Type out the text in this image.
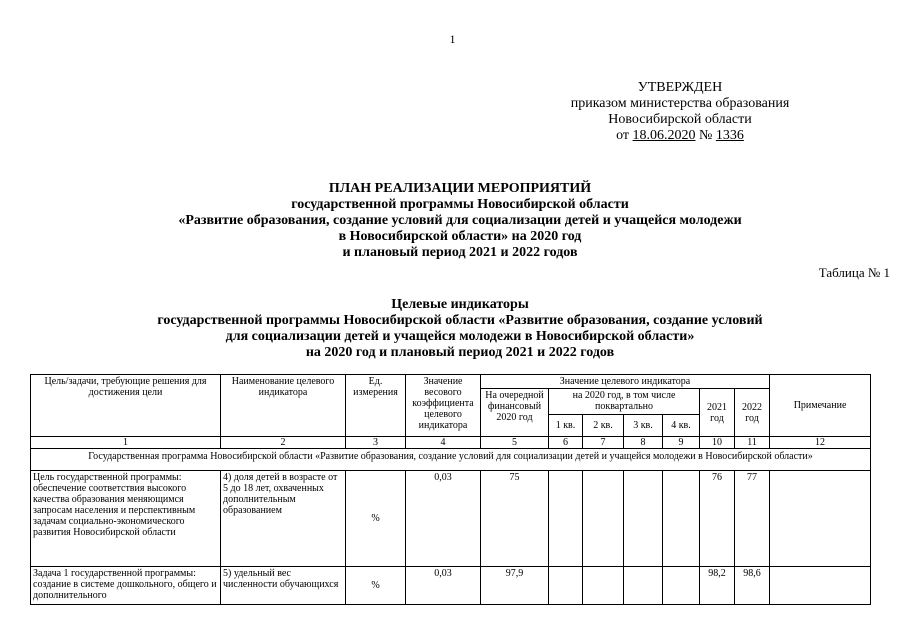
1
УТВЕРЖДЕН
приказом министерства образования
Новосибирской области
от 18.06.2020 № 1336
ПЛАН РЕАЛИЗАЦИИ МЕРОПРИЯТИЙ
государственной программы Новосибирской области
«Развитие образования, создание условий для социализации детей и учащейся молодежи
в Новосибирской области» на 2020 год
и плановый период 2021 и 2022 годов
Таблица № 1
Целевые индикаторы
государственной программы Новосибирской области «Развитие образования, создание условий
для социализации детей и учащейся молодежи в Новосибирской области»
на 2020 год и плановый период 2021 и 2022 годов
Цель/задачи, требующие решения для достижения цели	Наименование целевого индикатора	Ед. измерения	Значение весового коэффициента целевого индикатора	Значение целевого индикатора							Примечание
				На очередной финансовый 2020 год	на 2020 год, в том числе поквартально				2021 год	2022 год	
					1 кв.	2 кв.	3 кв.	4 кв.			
1	2	3	4	5	6	7	8	9	10	11	12
Государственная программа Новосибирской области «Развитие образования, создание условий для социализации детей и учащейся молодежи в Новосибирской области»											
Цель государственной программы: обеспечение соответствия высокого качества образования меняющимся запросам населения и перспективным задачам социально-экономического развития Новосибирской области	4) доля детей в возрасте от 5 до 18 лет, охваченных дополнительным образованием	%	0,03	75					76	77	
Задача 1 государственной программы: создание в системе дошкольного, общего и дополнительного	5) удельный вес численности обучающихся	%	0,03	97,9					98,2	98,6	
